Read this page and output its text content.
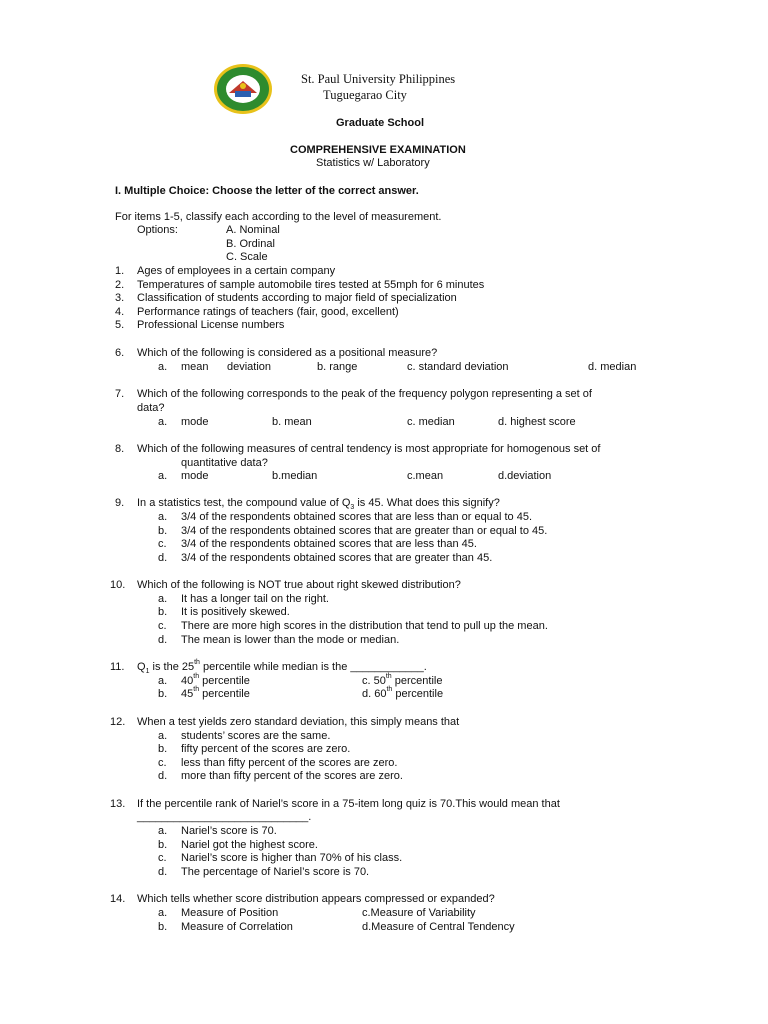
St. Paul University Philippines
Tuguegarao City
Graduate School
COMPREHENSIVE EXAMINATION
Statistics w/ Laboratory
I. Multiple Choice: Choose the letter of the correct answer.
For items 1-5, classify each according to the level of measurement.
Options:	A. Nominal
B. Ordinal
C. Scale
1. Ages of employees in a certain company
2. Temperatures of sample automobile tires tested at 55mph for 6 minutes
3. Classification of students according to major field of specialization
4. Performance ratings of teachers (fair, good, excellent)
5. Professional License numbers
6. Which of the following is considered as a positional measure?
a. mean deviation	b. range	c. standard deviation	d. median
7. Which of the following corresponds to the peak of the frequency polygon representing a set of
data?
a. mode	b. mean	c. median	d. highest score
8. Which of the following measures of central tendency is most appropriate for homogenous set of
quantitative data?
a. mode	b.median	c.mean	d.deviation
9. In a statistics test, the compound value of $Q_3$ is 45. What does this signify?
a. 3/4 of the respondents obtained scores that are less than or equal to 45.
b. 3/4 of the respondents obtained scores that are greater than or equal to 45.
c. 3/4 of the respondents obtained scores that are less than 45.
d. 3/4 of the respondents obtained scores that are greater than 45.
10. Which of the following is NOT true about right skewed distribution?
a. It has a longer tail on the right.
b. It is positively skewed.
c. There are more high scores in the distribution that tend to pull up the mean.
d. The mean is lower than the mode or median.
11. $Q_1$ is the 25th percentile while median is the ____________.
a. 40th percentile	c. 50th percentile
b. 45th percentile	d. 60th percentile
12. When a test yields zero standard deviation, this simply means that
a. students’ scores are the same.
b. fifty percent of the scores are zero.
c. less than fifty percent of the scores are zero.
d. more than fifty percent of the scores are zero.
13. If the percentile rank of Nariel’s score in a 75-item long quiz is 70.This would mean that
____________________________.
a. Nariel’s score is 70.
b. Nariel got the highest score.
c. Nariel’s score is higher than 70% of his class.
d. The percentage of Nariel’s score is 70.
14. Which tells whether score distribution appears compressed or expanded?
a. Measure of Position	c.Measure of Variability
b. Measure of Correlation	d.Measure of Central Tendency
